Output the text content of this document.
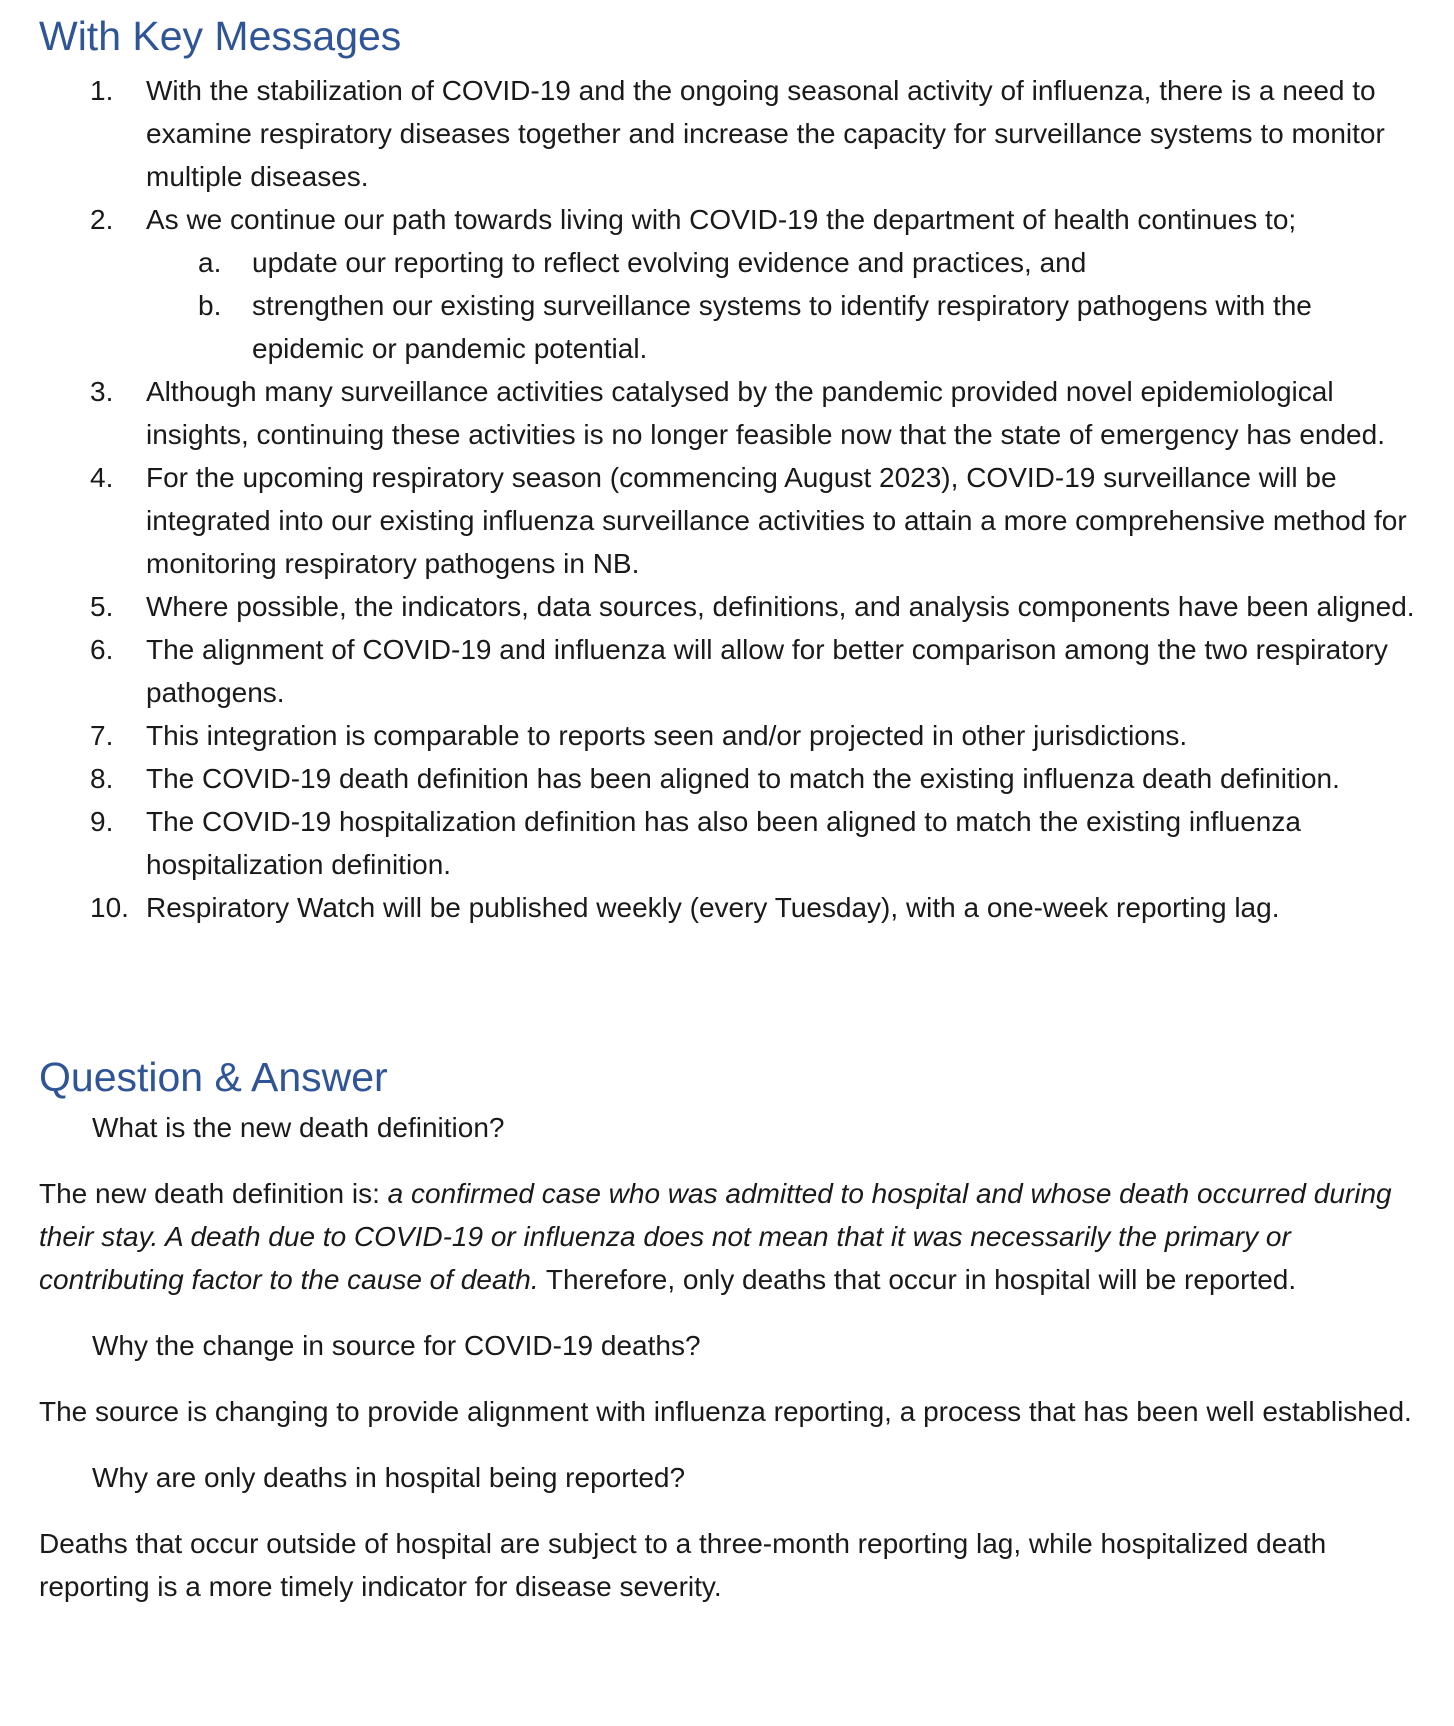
With Key Messages
1.	With the stabilization of COVID-19 and the ongoing seasonal activity of influenza, there is a need to examine respiratory diseases together and increase the capacity for surveillance systems to monitor multiple diseases.
2.	As we continue our path towards living with COVID-19 the department of health continues to;
a.	update our reporting to reflect evolving evidence and practices, and
b.	strengthen our existing surveillance systems to identify respiratory pathogens with the epidemic or pandemic potential.
3.	Although many surveillance activities catalysed by the pandemic provided novel epidemiological insights, continuing these activities is no longer feasible now that the state of emergency has ended.
4.	For the upcoming respiratory season (commencing August 2023), COVID-19 surveillance will be integrated into our existing influenza surveillance activities to attain a more comprehensive method for monitoring respiratory pathogens in NB.
5.	Where possible, the indicators, data sources, definitions, and analysis components have been aligned.
6.	The alignment of COVID-19 and influenza will allow for better comparison among the two respiratory pathogens.
7.	This integration is comparable to reports seen and/or projected in other jurisdictions.
8.	The COVID-19 death definition has been aligned to match the existing influenza death definition.
9.	The COVID-19 hospitalization definition has also been aligned to match the existing influenza hospitalization definition.
10. Respiratory Watch will be published weekly (every Tuesday), with a one-week reporting lag.
Question & Answer

What is the new death definition?

The new death definition is: a confirmed case who was admitted to hospital and whose death occurred during their stay. A death due to COVID-19 or influenza does not mean that it was necessarily the primary or contributing factor to the cause of death. Therefore, only deaths that occur in hospital will be reported.

Why the change in source for COVID-19 deaths?

The source is changing to provide alignment with influenza reporting, a process that has been well established.

Why are only deaths in hospital being reported?

Deaths that occur outside of hospital are subject to a three-month reporting lag, while hospitalized death reporting is a more timely indicator for disease severity.
